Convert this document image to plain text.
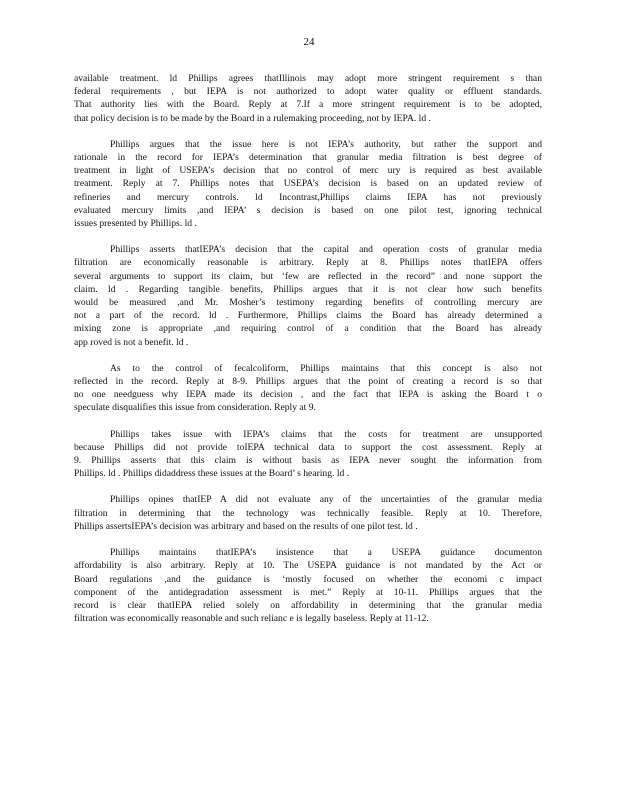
24

available treatment. ld Phillips agrees thatIllinois may adopt more stringent requirement s than
federal requirements , but IEPA is not authorized to adopt water quality or effluent standards.
That authority lies with the Board. Reply at 7.If a more stringent requirement is to be adopted,
that policy decision is to be made by the Board in a rulemaking proceeding, not by IEPA. ld .

Phillips argues that the issue here is not IEPA’s authority, but rather the support and
rationale in the record for IEPA’s determination that granular media filtration is best degree of
treatment in light of USEPA’s decision that no control of merc ury is required as best available
treatment. Reply at 7. Phillips notes that USEPA’s decision is based on an updated review of
refineries and mercury controls. ld Incontrast,Phillips claims IEPA has not previously
evaluated mercury limits ,and IEPA’ s decision is based on one pilot test, ignoring technical
issues presented by Phillips. ld .

Phillips asserts thatIEPA’s decision that the capital and operation costs of granular media
filtration are economically reasonable is arbitrary. Reply at 8. Phillips notes thatIEPA offers
several arguments to support its claim, but ‘few are reflected in the record” and none support the
claim. ld . Regarding tangible benefits, Phillips argues that it is not clear how such benefits
would be measured ,and Mr. Mosher’s testimony regarding benefits of controlling mercury are
not a part of the record. ld . Furthermore, Phillips claims the Board has already determined a
mixing zone is appropriate ,and requiring control of a condition that the Board has already
app roved is not a benefit. ld .

As to the control of fecalcoliform, Phillips maintains that this concept is also not
reflected in the record. Reply at 8-9. Phillips argues that the point of creating a record is so that
no one needguess why IEPA made its decision , and the fact that IEPA is asking the Board t o
speculate disqualifies this issue from consideration. Reply at 9.

Phillips takes issue with IEPA’s claims that the costs for treatment are unsupported
because Phillips did not provide toIEPA technical data to support the cost assessment. Reply at
9. Phillips asserts that this claim is without basis as IEPA never sought the information from
Phillips. ld . Phillips didaddress these issues at the Board’ s hearing. ld .

Phillips opines thatIEP A did not evaluate any of the uncertainties of the granular media
filtration in determining that the technology was technically feasible. Reply at 10. Therefore,
Phillips assertsIEPA’s decision was arbitrary and based on the results of one pilot test. ld .

Phillips maintains thatIEPA’s insistence that a USEPA guidance documenton
affordability is also arbitrary. Reply at 10. The USEPA guidance is not mandated by the Act or
Board regulations ,and the guidance is ‘mostly focused on whether the economi c impact
component of the antidegradation assessment is met.” Reply at 10-11. Phillips argues that the
record is clear thatIEPA relied solely on affordability in determining that the granular media
filtration was economically reasonable and such relianc e is legally baseless. Reply at 11-12.
